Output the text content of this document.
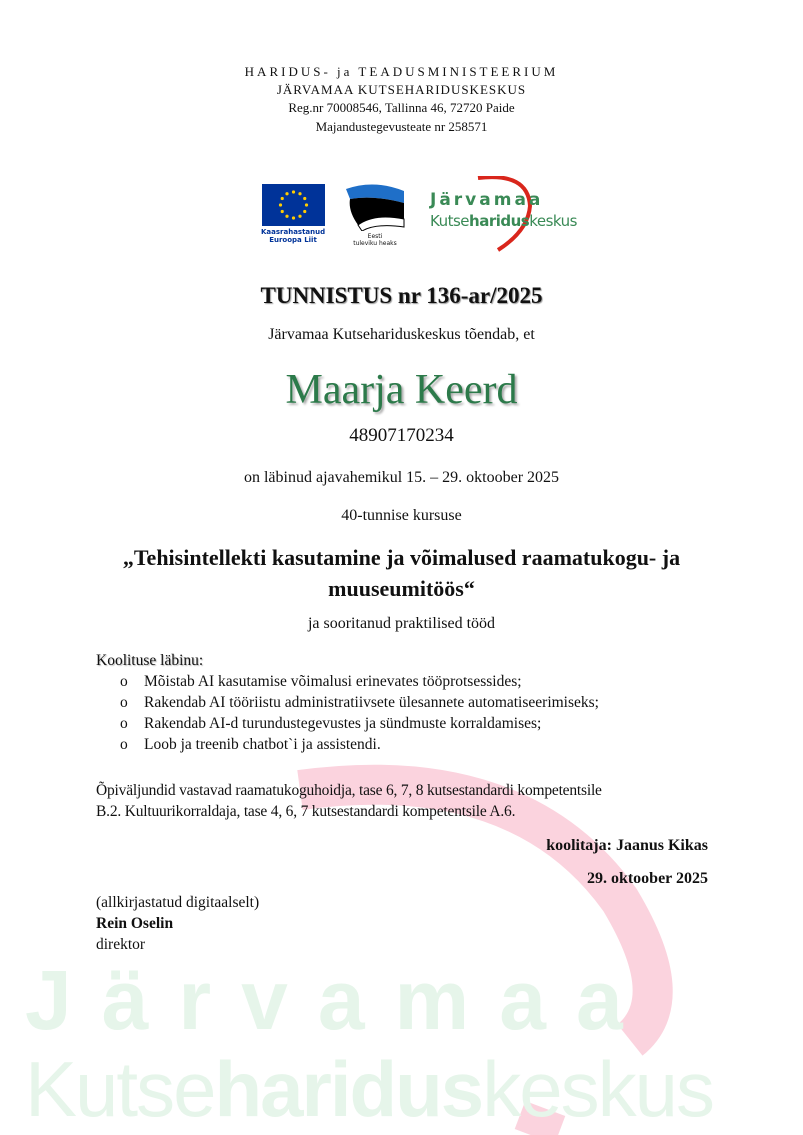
Järvamaa
Kutsehariduskeskus
HARIDUS- ja TEADUSMINISTEERIUM
JÄRVAMAA KUTSEHARIDUSKESKUS
Reg.nr 70008546, Tallinna 46, 72720 Paide
Majandustegevusteate nr 258571
Kaasrahastanud
Euroopa Liit	Eesti
tuleviku heaks
Järvamaa
Kutsehariduskeskus
TUNNISTUS nr 136-ar/2025
Järvamaa Kutsehariduskeskus tõendab, et
Maarja Keerd
48907170234
on läbinud ajavahemikul 15. – 29. oktoober 2025
40-tunnise kursuse
„Tehisintellekti kasutamine ja võimalused raamatukogu- ja
muuseumitöös“
ja sooritanud praktilised tööd
Koolituse läbinu:
o Mõistab AI kasutamise võimalusi erinevates tööprotsessides;
o Rakendab AI tööriistu administratiivsete ülesannete automatiseerimiseks;
o Rakendab AI-d turundustegevustes ja sündmuste korraldamises;
o Loob ja treenib chatbot`i ja assistendi.
Õpiväljundid vastavad raamatukoguhoidja, tase 6, 7, 8 kutsestandardi kompetentsile
B.2. Kultuurikorraldaja, tase 4, 6, 7 kutsestandardi kompetentsile A.6.
koolitaja: Jaanus Kikas
29. oktoober 2025
(allkirjastatud digitaalselt)
Rein Oselin
direktor
